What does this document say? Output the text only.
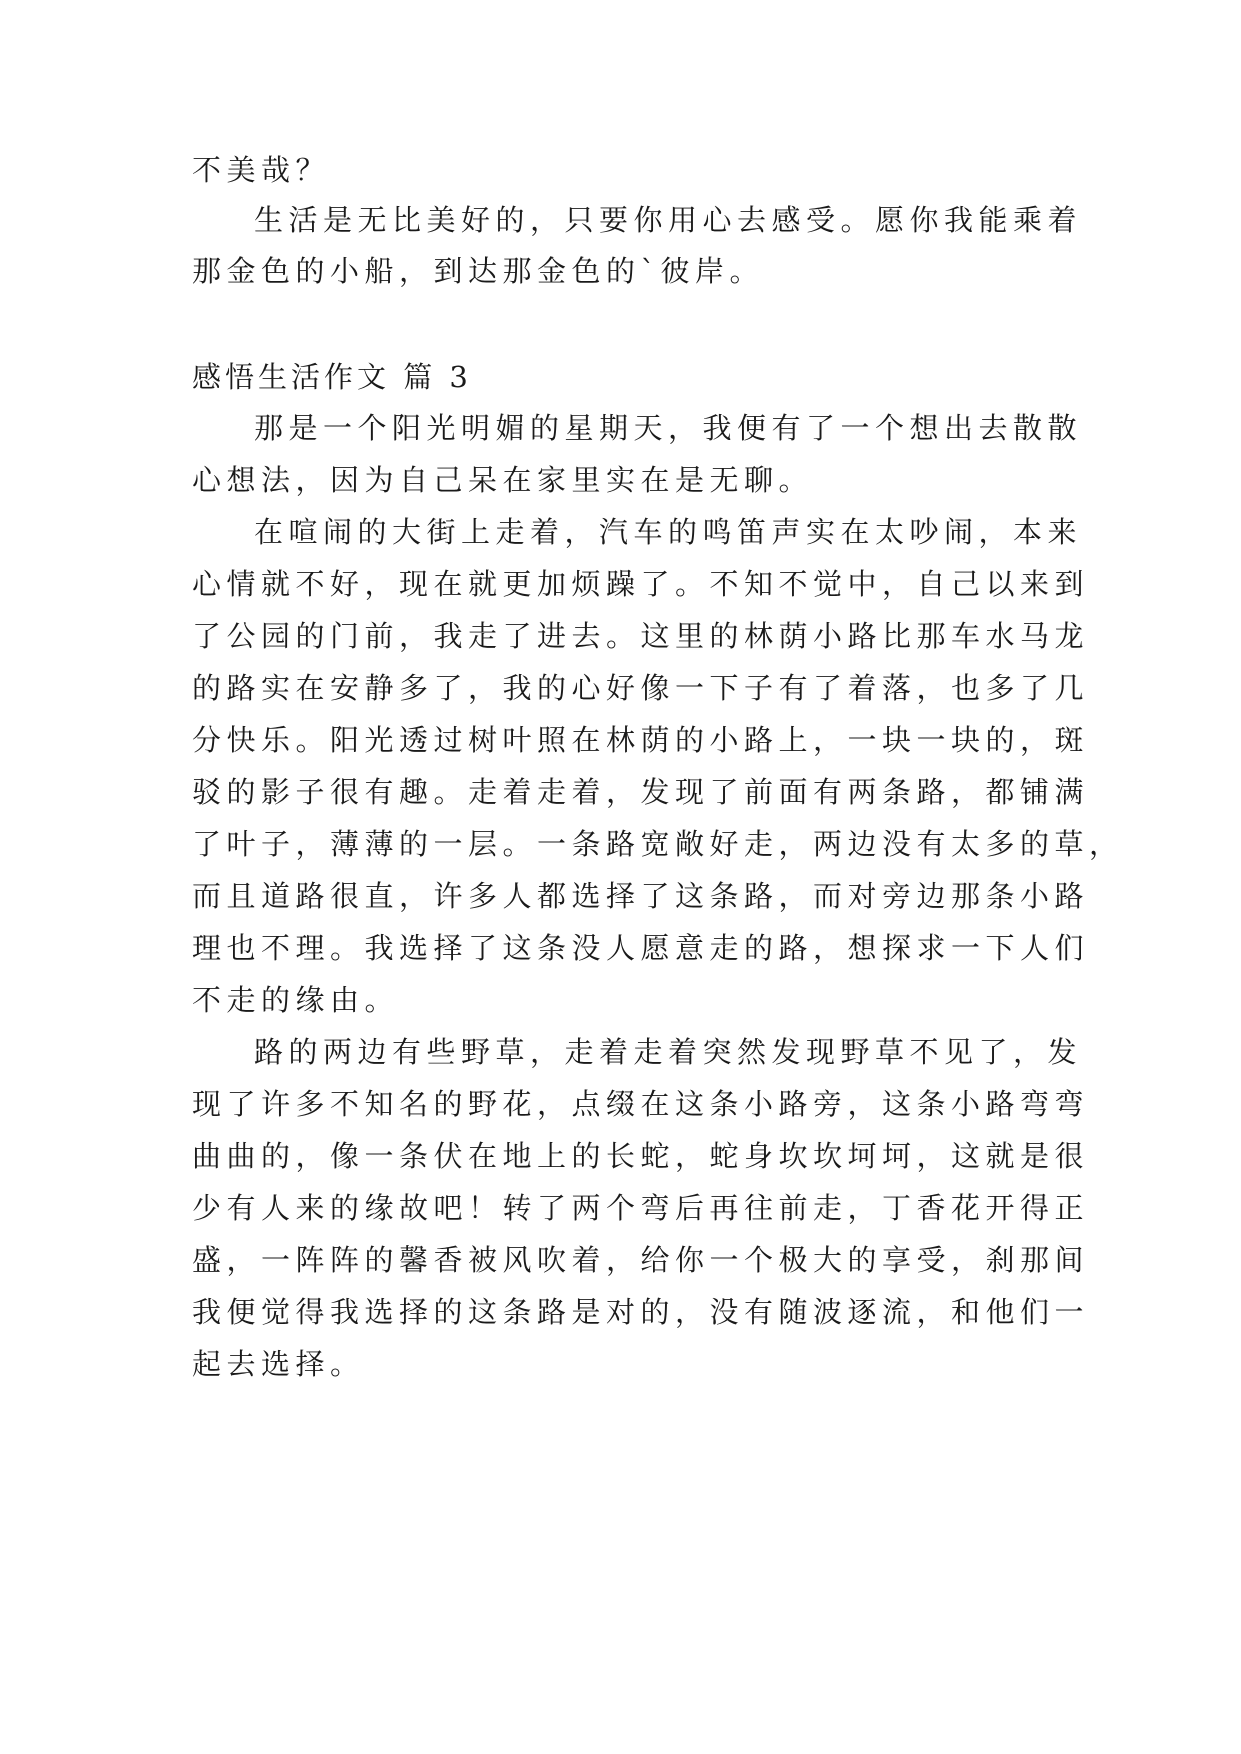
不美哉？
生活是无比美好的，只要你用心去感受。愿你我能乘着
那金色的小船，到达那金色的`彼岸。
感悟生活作文 篇 3
那是一个阳光明媚的星期天，我便有了一个想出去散散
心想法，因为自己呆在家里实在是无聊。
在喧闹的大街上走着，汽车的鸣笛声实在太吵闹，本来
心情就不好，现在就更加烦躁了。不知不觉中，自己以来到
了公园的门前，我走了进去。这里的林荫小路比那车水马龙
的路实在安静多了，我的心好像一下子有了着落，也多了几
分快乐。阳光透过树叶照在林荫的小路上，一块一块的，斑
驳的影子很有趣。走着走着，发现了前面有两条路，都铺满
了叶子，薄薄的一层。一条路宽敞好走，两边没有太多的草，
而且道路很直，许多人都选择了这条路，而对旁边那条小路
理也不理。我选择了这条没人愿意走的路，想探求一下人们
不走的缘由。
路的两边有些野草，走着走着突然发现野草不见了，发
现了许多不知名的野花，点缀在这条小路旁，这条小路弯弯
曲曲的，像一条伏在地上的长蛇，蛇身坎坎坷坷，这就是很
少有人来的缘故吧！转了两个弯后再往前走，丁香花开得正
盛，一阵阵的馨香被风吹着，给你一个极大的享受，刹那间
我便觉得我选择的这条路是对的，没有随波逐流，和他们一
起去选择。
